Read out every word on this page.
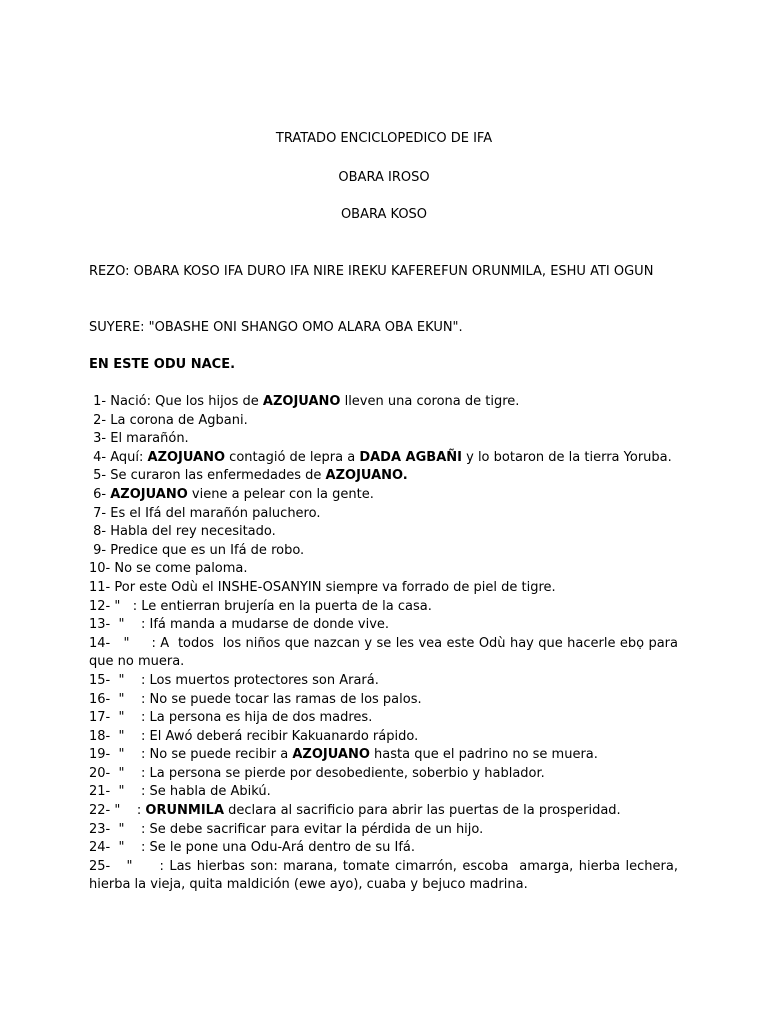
TRATADO ENCICLOPEDICO DE IFA
OBARA IROSO
OBARA KOSO
REZO: OBARA KOSO IFA DURO IFA NIRE IREKU KAFEREFUN ORUNMILA, ESHU ATI OGUN
SUYERE: "OBASHE ONI SHANGO OMO ALARA OBA EKUN".
EN ESTE ODU NACE.

1- Nació: Que los hijos de AZOJUANO lleven una corona de tigre.

2- La corona de Agbani.

3- El marañón.

4- Aquí: AZOJUANO contagió de lepra a DADA AGBAÑI y lo botaron de la tierra Yoruba.

5- Se curaron las enfermedades de AZOJUANO.

6- AZOJUANO viene a pelear con la gente.

7- Es el Ifá del marañón paluchero.

8- Habla del rey necesitado.

9- Predice que es un Ifá de robo.

10- No se come paloma.

11- Por este Odù el INSHE-OSANYIN siempre va forrado de piel de tigre.

12- "   : Le entierran brujería en la puerta de la casa.

13-  "    : Ifá manda a mudarse de donde vive.

14-   "     : A  todos  los niños que nazcan y se les vea este Odù hay que hacerle ebọ para que no muera.

15-  "    : Los muertos protectores son Arará.

16-  "    : No se puede tocar las ramas de los palos.

17-  "    : La persona es hija de dos madres.

18-  "    : El Awó deberá recibir Kakuanardo rápido.

19-  "    : No se puede recibir a AZOJUANO hasta que el padrino no se muera.

20-  "    : La persona se pierde por desobediente, soberbio y hablador.

21-  "    : Se habla de Abikú.

22- "    : ORUNMILA declara al sacrificio para abrir las puertas de la prosperidad.

23-  "    : Se debe sacrificar para evitar la pérdida de un hijo.

24-  "    : Se le pone una Odu-Ará dentro de su Ifá.

25-   "     : Las hierbas son: marana, tomate cimarrón, escoba  amarga, hierba lechera, hierba la vieja, quita maldición (ewe ayo), cuaba y bejuco madrina.
